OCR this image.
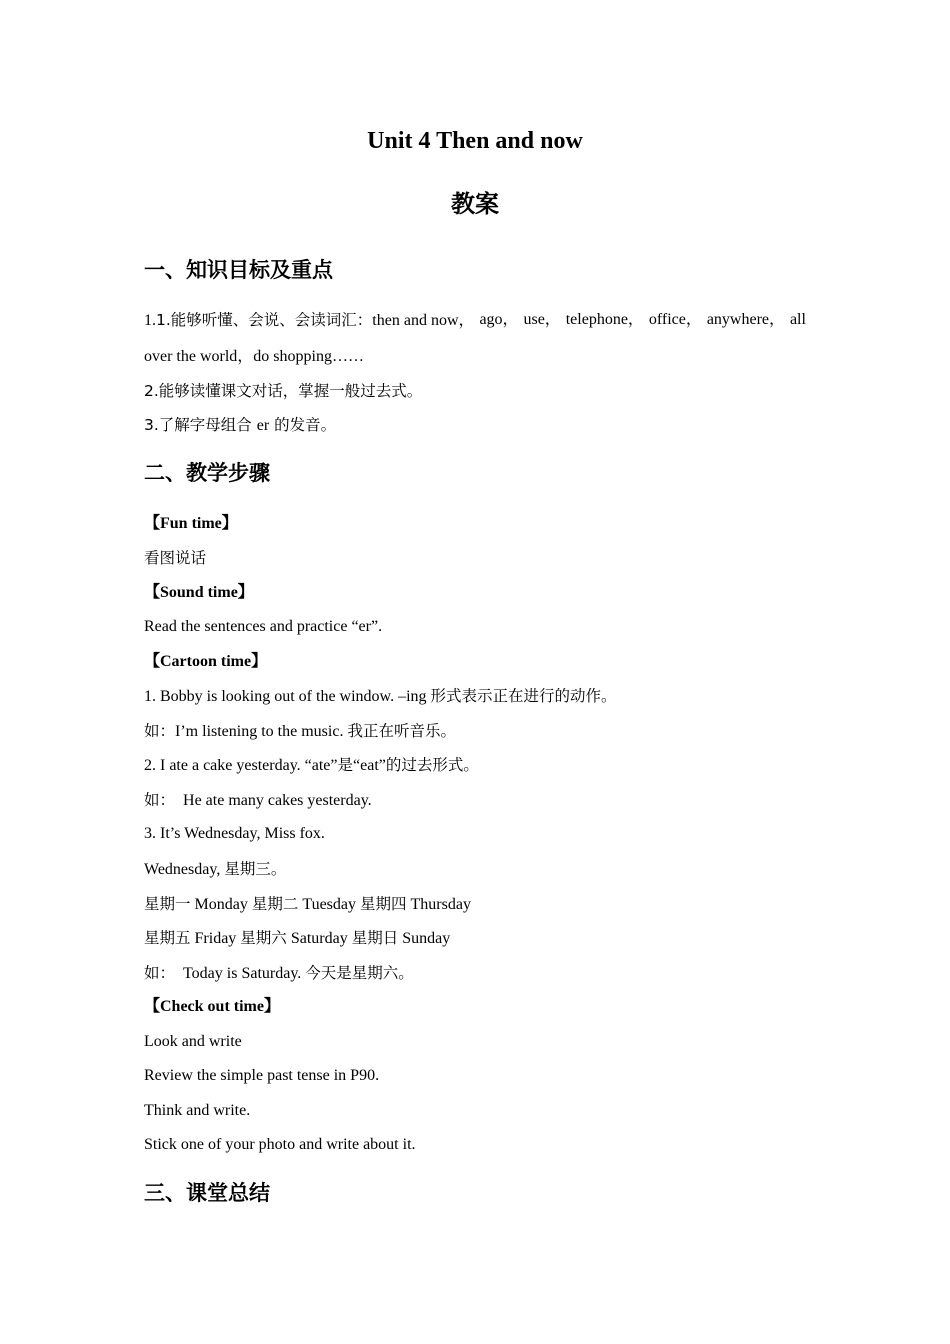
Unit 4 Then and now
教案
一、知识目标及重点
1.1.能够听懂、会说、会读词汇：then and now， ago， use， telephone， office， anywhere， all
over the world，do shopping……
2.能够读懂课文对话，掌握一般过去式。
3.了解字母组合 er 的发音。
二、教学步骤
【Fun time】
看图说话
【Sound time】
Read the sentences and practice “er”.
【Cartoon time】
1. Bobby is looking out of the window. –ing 形式表示正在进行的动作。
如：I’m listening to the music. 我正在听音乐。
2. I ate a cake yesterday. “ate”是“eat”的过去形式。
如：  He ate many cakes yesterday.
3. It’s Wednesday, Miss fox.
Wednesday, 星期三。
星期一 Monday 星期二 Tuesday 星期四 Thursday
星期五 Friday 星期六 Saturday 星期日 Sunday
如：  Today is Saturday. 今天是星期六。
【Check out time】
Look and write
Review the simple past tense in P90.
Think and write.
Stick one of your photo and write about it.
三、课堂总结
